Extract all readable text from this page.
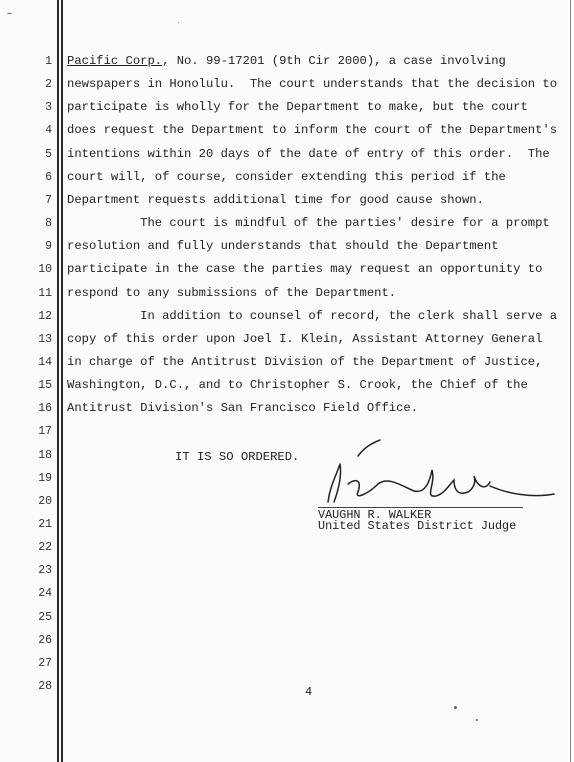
1
2
3
4
5
6
7
8
9
10
11
12
13
14
15
16
17
18
19
20
21
22
23
24
25
26
27
28
Pacific Corp., No. 99-17201 (9th Cir 2000), a case involving
newspapers in Honolulu.  The court understands that the decision to
participate is wholly for the Department to make, but the court
does request the Department to inform the court of the Department's
intentions within 20 days of the date of entry of this order.  The
court will, of course, consider extending this period if the
Department requests additional time for good cause shown.
The court is mindful of the parties' desire for a prompt
resolution and fully understands that should the Department
participate in the case the parties may request an opportunity to
respond to any submissions of the Department.
In addition to counsel of record, the clerk shall serve a
copy of this order upon Joel I. Klein, Assistant Attorney General
in charge of the Antitrust Division of the Department of Justice,
Washington, D.C., and to Christopher S. Crook, the Chief of the
Antitrust Division's San Francisco Field Office.
IT IS SO ORDERED.
VAUGHN R. WALKER
United States District Judge
4
